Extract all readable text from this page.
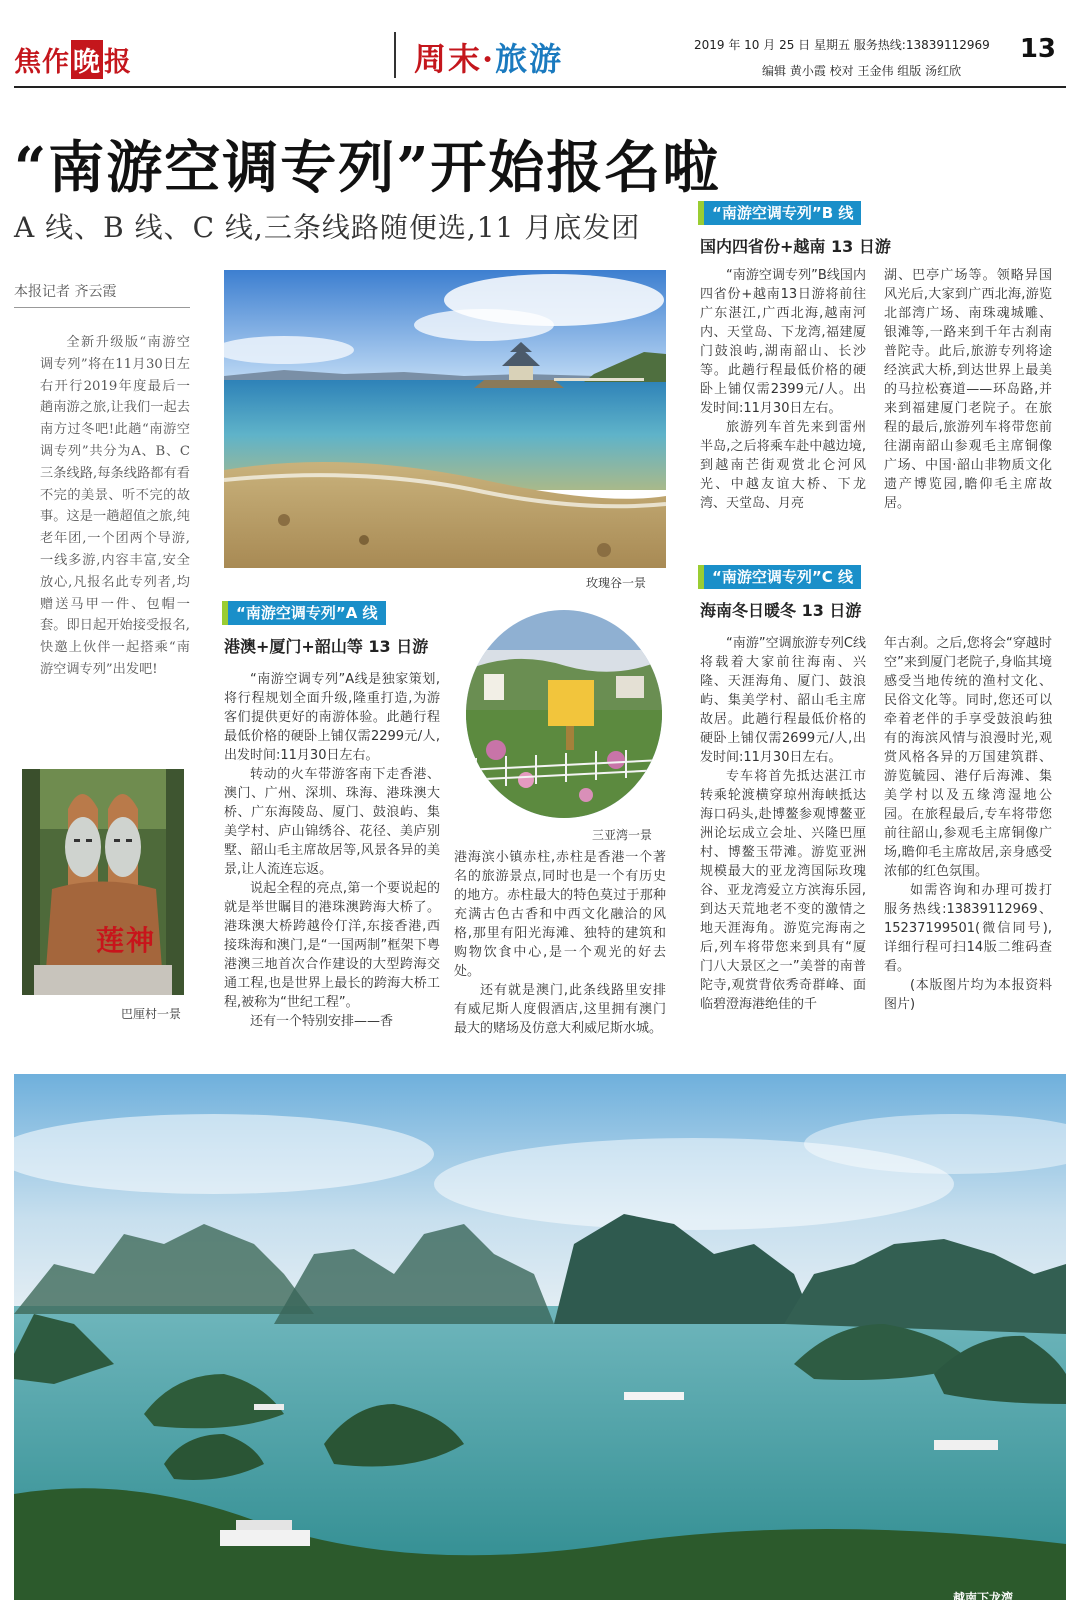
焦作 晚 报	周末·旅游	2019 年 10 月 25 日 星期五 服务热线:13839112969
编辑 黄小霞 校对 王金伟 组版 汤红欣
13
“南游空调专列”开始报名啦
A 线、B 线、C 线,三条线路随便选,11 月底发团
本报记者 齐云霞
全新升级版“南游空调专列”将在11月30日左右开行2019年度最后一趟南游之旅,让我们一起去南方过冬吧!此趟“南游空调专列”共分为A、B、C三条线路,每条线路都有看不完的美景、听不完的故事。这是一趟超值之旅,纯老年团,一个团两个导游,一线多游,内容丰富,安全放心,凡报名此专列者,均赠送马甲一件、包帽一套。即日起开始接受报名,快邀上伙伴一起搭乘“南游空调专列”出发吧!
玫瑰谷一景
莲神
巴厘村一景
三亚湾一景
“南游空调专列”A 线
港澳+厦门+韶山等 13 日游

“南游空调专列”A线是独家策划,将行程规划全面升级,隆重打造,为游客们提供更好的南游体验。此趟行程最低价格的硬卧上铺仅需2299元/人,出发时间:11月30日左右。

转动的火车带游客南下走香港、澳门、广州、深圳、珠海、港珠澳大桥、广东海陵岛、厦门、鼓浪屿、集美学村、庐山锦绣谷、花径、美庐别墅、韶山毛主席故居等,风景各异的美景,让人流连忘返。

说起全程的亮点,第一个要说起的就是举世瞩目的港珠澳跨海大桥了。港珠澳大桥跨越伶仃洋,东接香港,西接珠海和澳门,是“一国两制”框架下粤港澳三地首次合作建设的大型跨海交通工程,也是世界上最长的跨海大桥工程,被称为“世纪工程”。

还有一个特别安排——香

港海滨小镇赤柱,赤柱是香港一个著名的旅游景点,同时也是一个有历史的地方。赤柱最大的特色莫过于那种充满古色古香和中西文化融洽的风格,那里有阳光海滩、独特的建筑和购物饮食中心,是一个观光的好去处。

还有就是澳门,此条线路里安排有威尼斯人度假酒店,这里拥有澳门最大的赌场及仿意大利威尼斯水城。

“南游空调专列”B 线
国内四省份+越南 13 日游

“南游空调专列”B线国内四省份+越南13日游将前往广东湛江,广西北海,越南河内、天堂岛、下龙湾,福建厦门鼓浪屿,湖南韶山、长沙等。此趟行程最低价格的硬卧上铺仅需2399元/人。出发时间:11月30日左右。

旅游列车首先来到雷州半岛,之后将乘车赴中越边境,到越南芒街观赏北仑河风光、中越友谊大桥、下龙湾、天堂岛、月亮

湖、巴亭广场等。领略异国风光后,大家到广西北海,游览北部湾广场、南珠魂城雕、银滩等,一路来到千年古刹南普陀寺。此后,旅游专列将途经滨武大桥,到达世界上最美的马拉松赛道——环岛路,并来到福建厦门老院子。在旅程的最后,旅游列车将带您前往湖南韶山参观毛主席铜像广场、中国·韶山非物质文化遗产博览园,瞻仰毛主席故居。

“南游空调专列”C 线
海南冬日暖冬 13 日游

“南游”空调旅游专列C线将载着大家前往海南、兴隆、天涯海角、厦门、鼓浪屿、集美学村、韶山毛主席故居。此趟行程最低价格的硬卧上铺仅需2699元/人,出发时间:11月30日左右。

专车将首先抵达湛江市转乘轮渡横穿琼州海峡抵达海口码头,赴博鳌参观博鳌亚洲论坛成立会址、兴隆巴厘村、博鳌玉带滩。游览亚洲规模最大的亚龙湾国际玫瑰谷、亚龙湾爱立方滨海乐园,到达天荒地老不变的激情之地天涯海角。游览完海南之后,列车将带您来到具有“厦门八大景区之一”美誉的南普陀寺,观赏背依秀奇群峰、面临碧澄海港绝佳的千

年古刹。之后,您将会“穿越时空”来到厦门老院子,身临其境感受当地传统的渔村文化、民俗文化等。同时,您还可以牵着老伴的手享受鼓浪屿独有的海滨风情与浪漫时光,观赏风格各异的万国建筑群、游览毓园、港仔后海滩、集美学村以及五缘湾湿地公园。在旅程最后,专车将带您前往韶山,参观毛主席铜像广场,瞻仰毛主席故居,亲身感受浓郁的红色氛围。

如需咨询和办理可拨打服务热线:13839112969、15237199501(微信同号),详细行程可扫14版二维码查看。

(本版图片均为本报资料图片)

越南下龙湾
